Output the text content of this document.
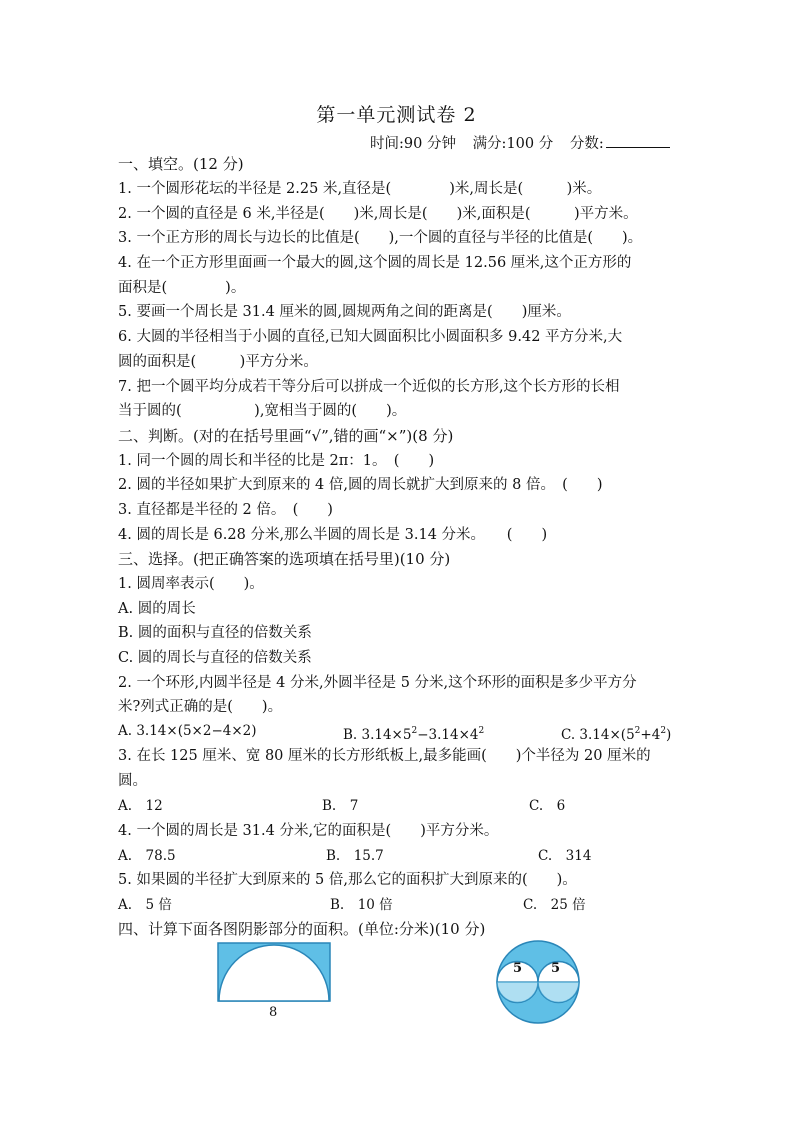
第一单元测试卷 2
时间:90 分钟 满分:100 分 分数:
一、填空。(12 分)
1. 一个圆形花坛的半径是 2.25 米,直径是(　　　　)米,周长是(　　　)米。
2. 一个圆的直径是 6 米,半径是(　　)米,周长是(　　)米,面积是(　　　)平方米。
3. 一个正方形的周长与边长的比值是(　　),一个圆的直径与半径的比值是(　　)。
4. 在一个正方形里面画一个最大的圆,这个圆的周长是 12.56 厘米,这个正方形的
面积是(　　　　)。
5. 要画一个周长是 31.4 厘米的圆,圆规两角之间的距离是(　　)厘米。
6. 大圆的半径相当于小圆的直径,已知大圆面积比小圆面积多 9.42 平方分米,大
圆的面积是(　　　)平方分米。
7. 把一个圆平均分成若干等分后可以拼成一个近似的长方形,这个长方形的长相
当于圆的(　　　　　),宽相当于圆的(　　)。
二、判断。(对的在括号里画“√”,错的画“×”)(8 分)
1. 同一个圆的周长和半径的比是 2π：1。　(　　)
2. 圆的半径如果扩大到原来的 4 倍,圆的周长就扩大到原来的 8 倍。　(　　)
3. 直径都是半径的 2 倍。　(　　)
4. 圆的周长是 6.28 分米,那么半圆的周长是 3.14 分米。　　(　　)
三、选择。(把正确答案的选项填在括号里)(10 分)
1. 圆周率表示(　　)。
A. 圆的周长
B. 圆的面积与直径的倍数关系
C. 圆的周长与直径的倍数关系
2. 一个环形,内圆半径是 4 分米,外圆半径是 5 分米,这个环形的面积是多少平方分
米?列式正确的是(　　)。
A. 3.14×(5×2−4×2)	B. $3.14\times 5^2-3.14\times 4^2$	C. $3.14\times(5^2+4^2)$
3. 在长 125 厘米、宽 80 厘米的长方形纸板上,最多能画(　　)个半径为 20 厘米的
圆。
A.　12	B.　7	C.　6
4. 一个圆的周长是 31.4 分米,它的面积是(　　)平方分米。
A.　78.5	B.　15.7	C.　314
5. 如果圆的半径扩大到原来的 5 倍,那么它的面积扩大到原来的(　　)。
A.　5 倍	B.　10 倍	C.　25 倍
四、计算下面各图阴影部分的面积。(单位:分米)(10 分)
8
5 5
